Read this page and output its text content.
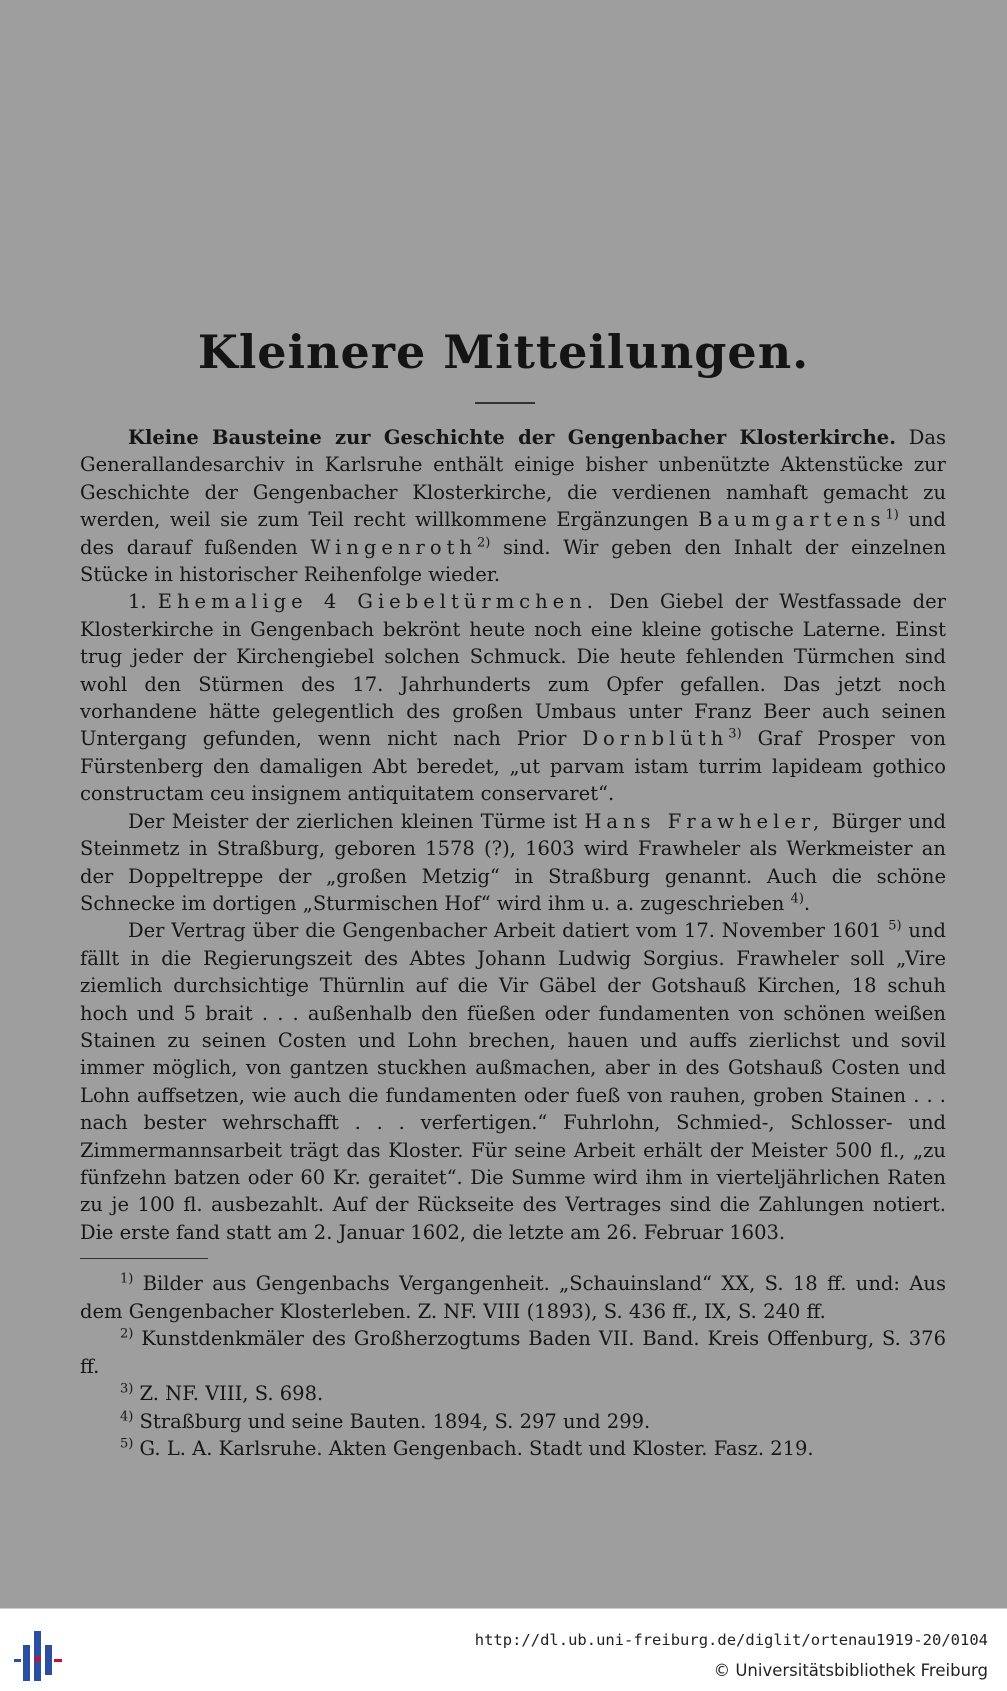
Kleinere Mitteilungen.

Kleine Bausteine zur Geschichte der Gengenbacher Klosterkirche. Das Generallandesarchiv in Karlsruhe enthält einige bisher unbenützte Aktenstücke zur Geschichte der Gengenbacher Klosterkirche, die verdienen namhaft gemacht zu werden, weil sie zum Teil recht willkommene Ergänzungen Baumgartens$^{1)}$ und des darauf fußenden Wingenroth$^{2)}$ sind. Wir geben den Inhalt der einzelnen Stücke in historischer Reihenfolge wieder.

1. Ehemalige 4 Giebeltürmchen. Den Giebel der Westfassade der Klosterkirche in Gengenbach bekrönt heute noch eine kleine gotische Laterne. Einst trug jeder der Kirchengiebel solchen Schmuck. Die heute fehlenden Türmchen sind wohl den Stürmen des 17. Jahrhunderts zum Opfer gefallen. Das jetzt noch vorhandene hätte gelegentlich des großen Umbaus unter Franz Beer auch seinen Untergang gefunden, wenn nicht nach Prior Dornblüth$^{3)}$ Graf Prosper von Fürstenberg den damaligen Abt beredet, „ut parvam istam turrim lapideam gothico constructam ceu insignem antiquitatem conservaret“.

Der Meister der zierlichen kleinen Türme ist Hans Frawheler, Bürger und Steinmetz in Straßburg, geboren 1578 (?), 1603 wird Frawheler als Werkmeister an der Doppeltreppe der „großen Metzig“ in Straßburg genannt. Auch die schöne Schnecke im dortigen „Sturmischen Hof“ wird ihm u. a. zugeschrieben $^{4)}$.

Der Vertrag über die Gengenbacher Arbeit datiert vom 17. November 1601 $^{5)}$ und fällt in die Regierungszeit des Abtes Johann Ludwig Sorgius. Frawheler soll „Vire ziemlich durchsichtige Thürnlin auf die Vir Gäbel der Gotshauß Kirchen, 18 schuh hoch und 5 brait . . . außenhalb den füeßen oder fundamenten von schönen weißen Stainen zu seinen Costen und Lohn brechen, hauen und auffs zierlichst und sovil immer möglich, von gantzen stuckhen außmachen, aber in des Gotshauß Costen und Lohn auffsetzen, wie auch die fundamenten oder fueß von rauhen, groben Stainen . . . nach bester wehrschafft . . . verfertigen.“ Fuhrlohn, Schmied-, Schlosser- und Zimmermannsarbeit trägt das Kloster. Für seine Arbeit erhält der Meister 500 fl., „zu fünfzehn batzen oder 60 Kr. geraitet“. Die Summe wird ihm in vierteljährlichen Raten zu je 100 fl. ausbezahlt. Auf der Rückseite des Vertrages sind die Zahlungen notiert. Die erste fand statt am 2. Januar 1602, die letzte am 26. Februar 1603.

$^{1)}$ Bilder aus Gengenbachs Vergangenheit. „Schauinsland“ XX, S. 18 ff. und: Aus dem Gengenbacher Klosterleben. Z. NF. VIII (1893), S. 436 ff., IX, S. 240 ff.

$^{2)}$ Kunstdenkmäler des Großherzogtums Baden VII. Band. Kreis Offenburg, S. 376 ff.

$^{3)}$ Z. NF. VIII, S. 698.

$^{4)}$ Straßburg und seine Bauten. 1894, S. 297 und 299.

$^{5)}$ G. L. A. Karlsruhe. Akten Gengenbach. Stadt und Kloster. Fasz. 219.

http://dl.ub.uni-freiburg.de/diglit/ortenau1919-20/0104
© Universitätsbibliothek Freiburg
